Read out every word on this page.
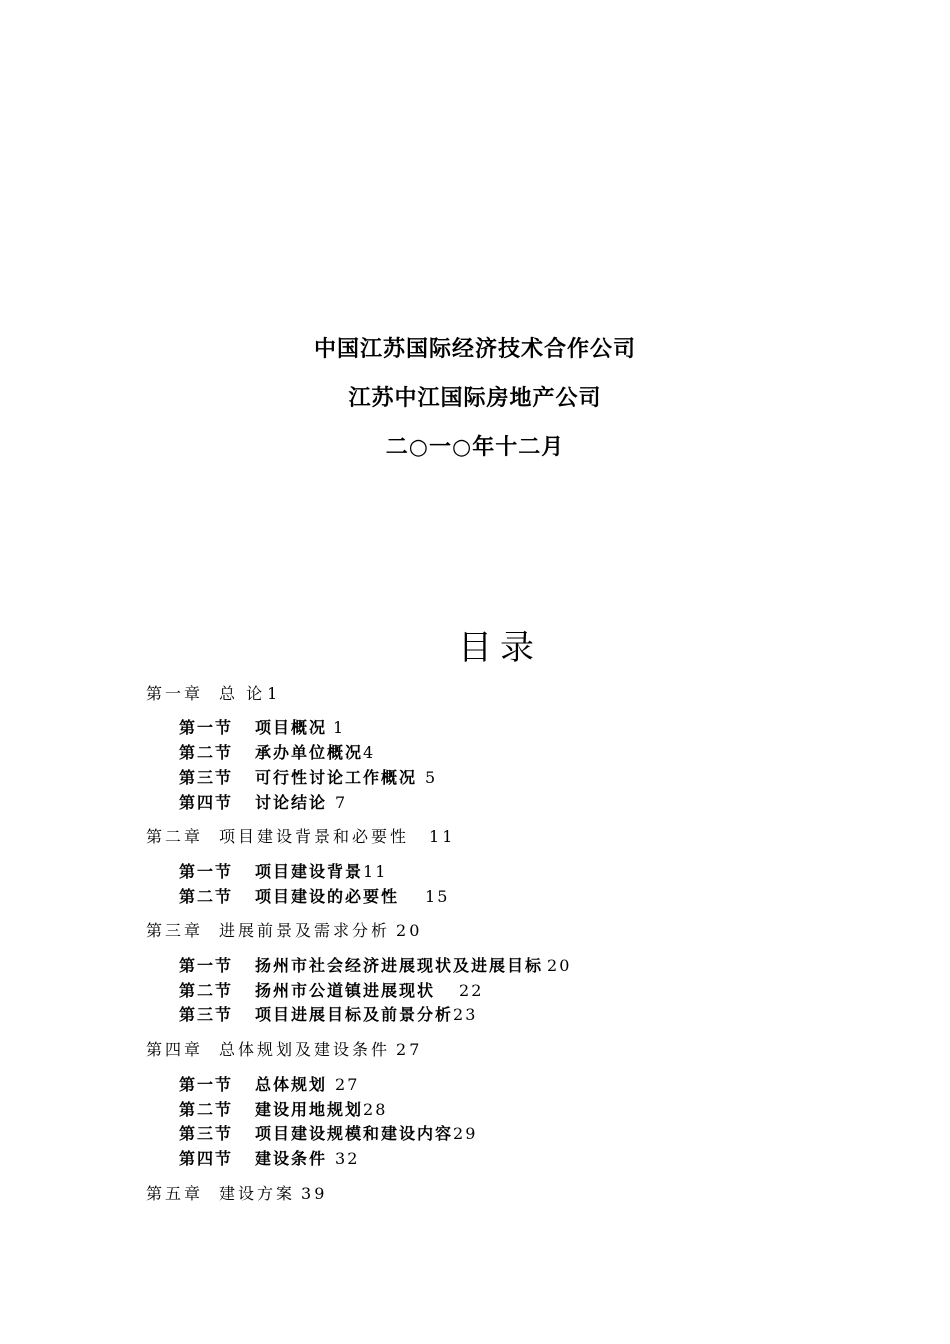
中国江苏国际经济技术合作公司
江苏中江国际房地产公司
二○一○年十二月
目录
第一章 总 论 1
第一节 项目概况 1
第二节 承办单位概况4
第三节 可行性讨论工作概况 5
第四节 讨论结论 7
第二章 项目建设背景和必要性 11
第一节 项目建设背景11
第二节 项目建设的必要性 15
第三章 进展前景及需求分析 20
第一节 扬州市社会经济进展现状及进展目标 20
第二节 扬州市公道镇进展现状 22
第三节 项目进展目标及前景分析23
第四章 总体规划及建设条件 27
第一节 总体规划 27
第二节 建设用地规划28
第三节 项目建设规模和建设内容29
第四节 建设条件 32
第五章 建设方案 39
